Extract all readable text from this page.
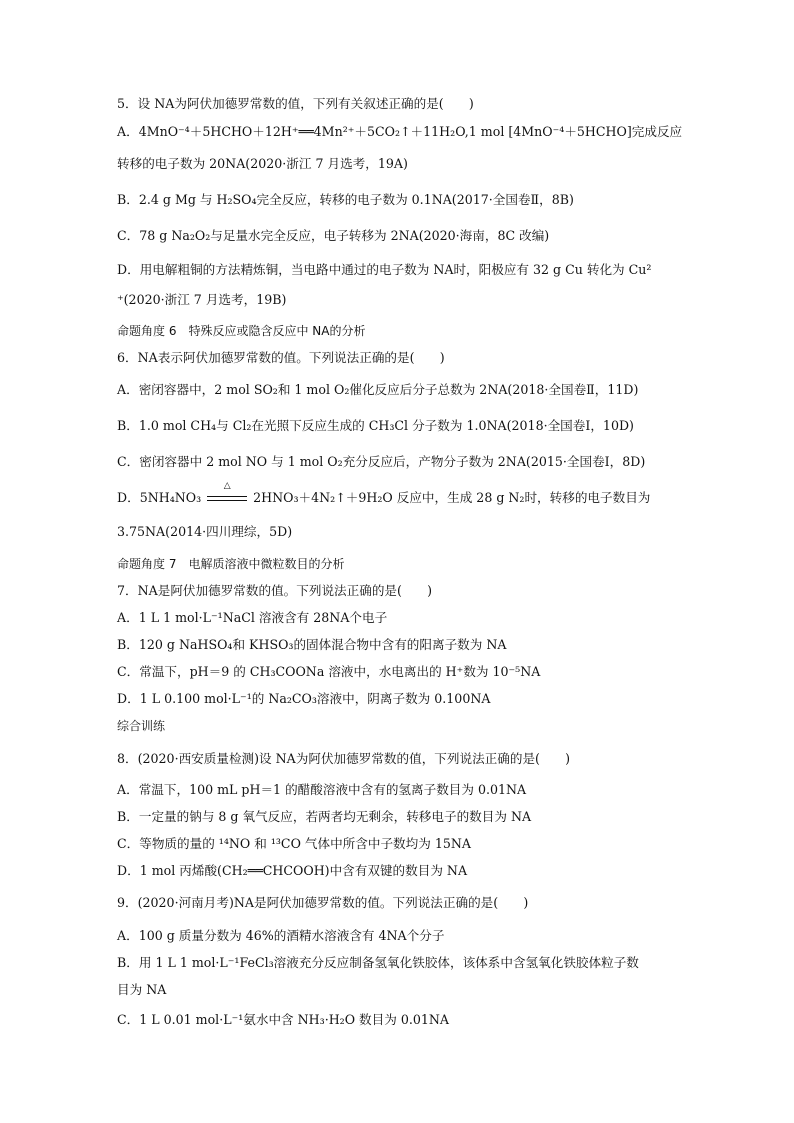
5．设 NA为阿伏加德罗常数的值，下列有关叙述正确的是(　　)
A．4MnO⁻⁴＋5HCHO＋12H⁺══4Mn²⁺＋5CO₂↑＋11H₂O,1 mol [4MnO⁻⁴＋5HCHO]完成反应
转移的电子数为 20NA(2020·浙江 7 月选考，19A)
B．2.4 g Mg 与 H₂SO₄完全反应，转移的电子数为 0.1NA(2017·全国卷Ⅱ，8B)
C．78 g Na₂O₂与足量水完全反应，电子转移为 2NA(2020·海南，8C 改编)
D．用电解粗铜的方法精炼铜，当电路中通过的电子数为 NA时，阳极应有 32 g Cu 转化为 Cu²
⁺(2020·浙江 7 月选考，19B)
命题角度 6　特殊反应或隐含反应中 NA的分析
6．NA表示阿伏加德罗常数的值。下列说法正确的是(　　)
A．密闭容器中，2 mol SO₂和 1 mol O₂催化反应后分子总数为 2NA(2018·全国卷Ⅱ，11D)
B．1.0 mol CH₄与 Cl₂在光照下反应生成的 CH₃Cl 分子数为 1.0NA(2018·全国卷Ⅰ，10D)
C．密闭容器中 2 mol NO 与 1 mol O₂充分反应后，产物分子数为 2NA(2015·全国卷Ⅰ，8D)
D．5NH₄NO₃
△
2HNO₃＋4N₂↑＋9H₂O 反应中，生成 28 g N₂时，转移的电子数目为
3.75NA(2014·四川理综，5D)
命题角度 7　电解质溶液中微粒数目的分析
7．NA是阿伏加德罗常数的值。下列说法正确的是(　　)
A．1 L 1 mol·L⁻¹NaCl 溶液含有 28NA个电子
B．120 g NaHSO₄和 KHSO₃的固体混合物中含有的阳离子数为 NA
C．常温下，pH＝9 的 CH₃COONa 溶液中，水电离出的 H⁺数为 10⁻⁵NA
D．1 L 0.100 mol·L⁻¹的 Na₂CO₃溶液中，阴离子数为 0.100NA
综合训练
8．(2020·西安质量检测)设 NA为阿伏加德罗常数的值，下列说法正确的是(　　)
A．常温下，100 mL pH＝1 的醋酸溶液中含有的氢离子数目为 0.01NA
B．一定量的钠与 8 g 氧气反应，若两者均无剩余，转移电子的数目为 NA
C．等物质的量的 ¹⁴NO 和 ¹³CO 气体中所含中子数均为 15NA
D．1 mol 丙烯酸(CH₂══CHCOOH)中含有双键的数目为 NA
9．(2020·河南月考)NA是阿伏加德罗常数的值。下列说法正确的是(　　)
A．100 g 质量分数为 46%的酒精水溶液含有 4NA个分子
B．用 1 L 1 mol·L⁻¹FeCl₃溶液充分反应制备氢氧化铁胶体，该体系中含氢氧化铁胶体粒子数
目为 NA
C．1 L 0.01 mol·L⁻¹氨水中含 NH₃·H₂O 数目为 0.01NA
